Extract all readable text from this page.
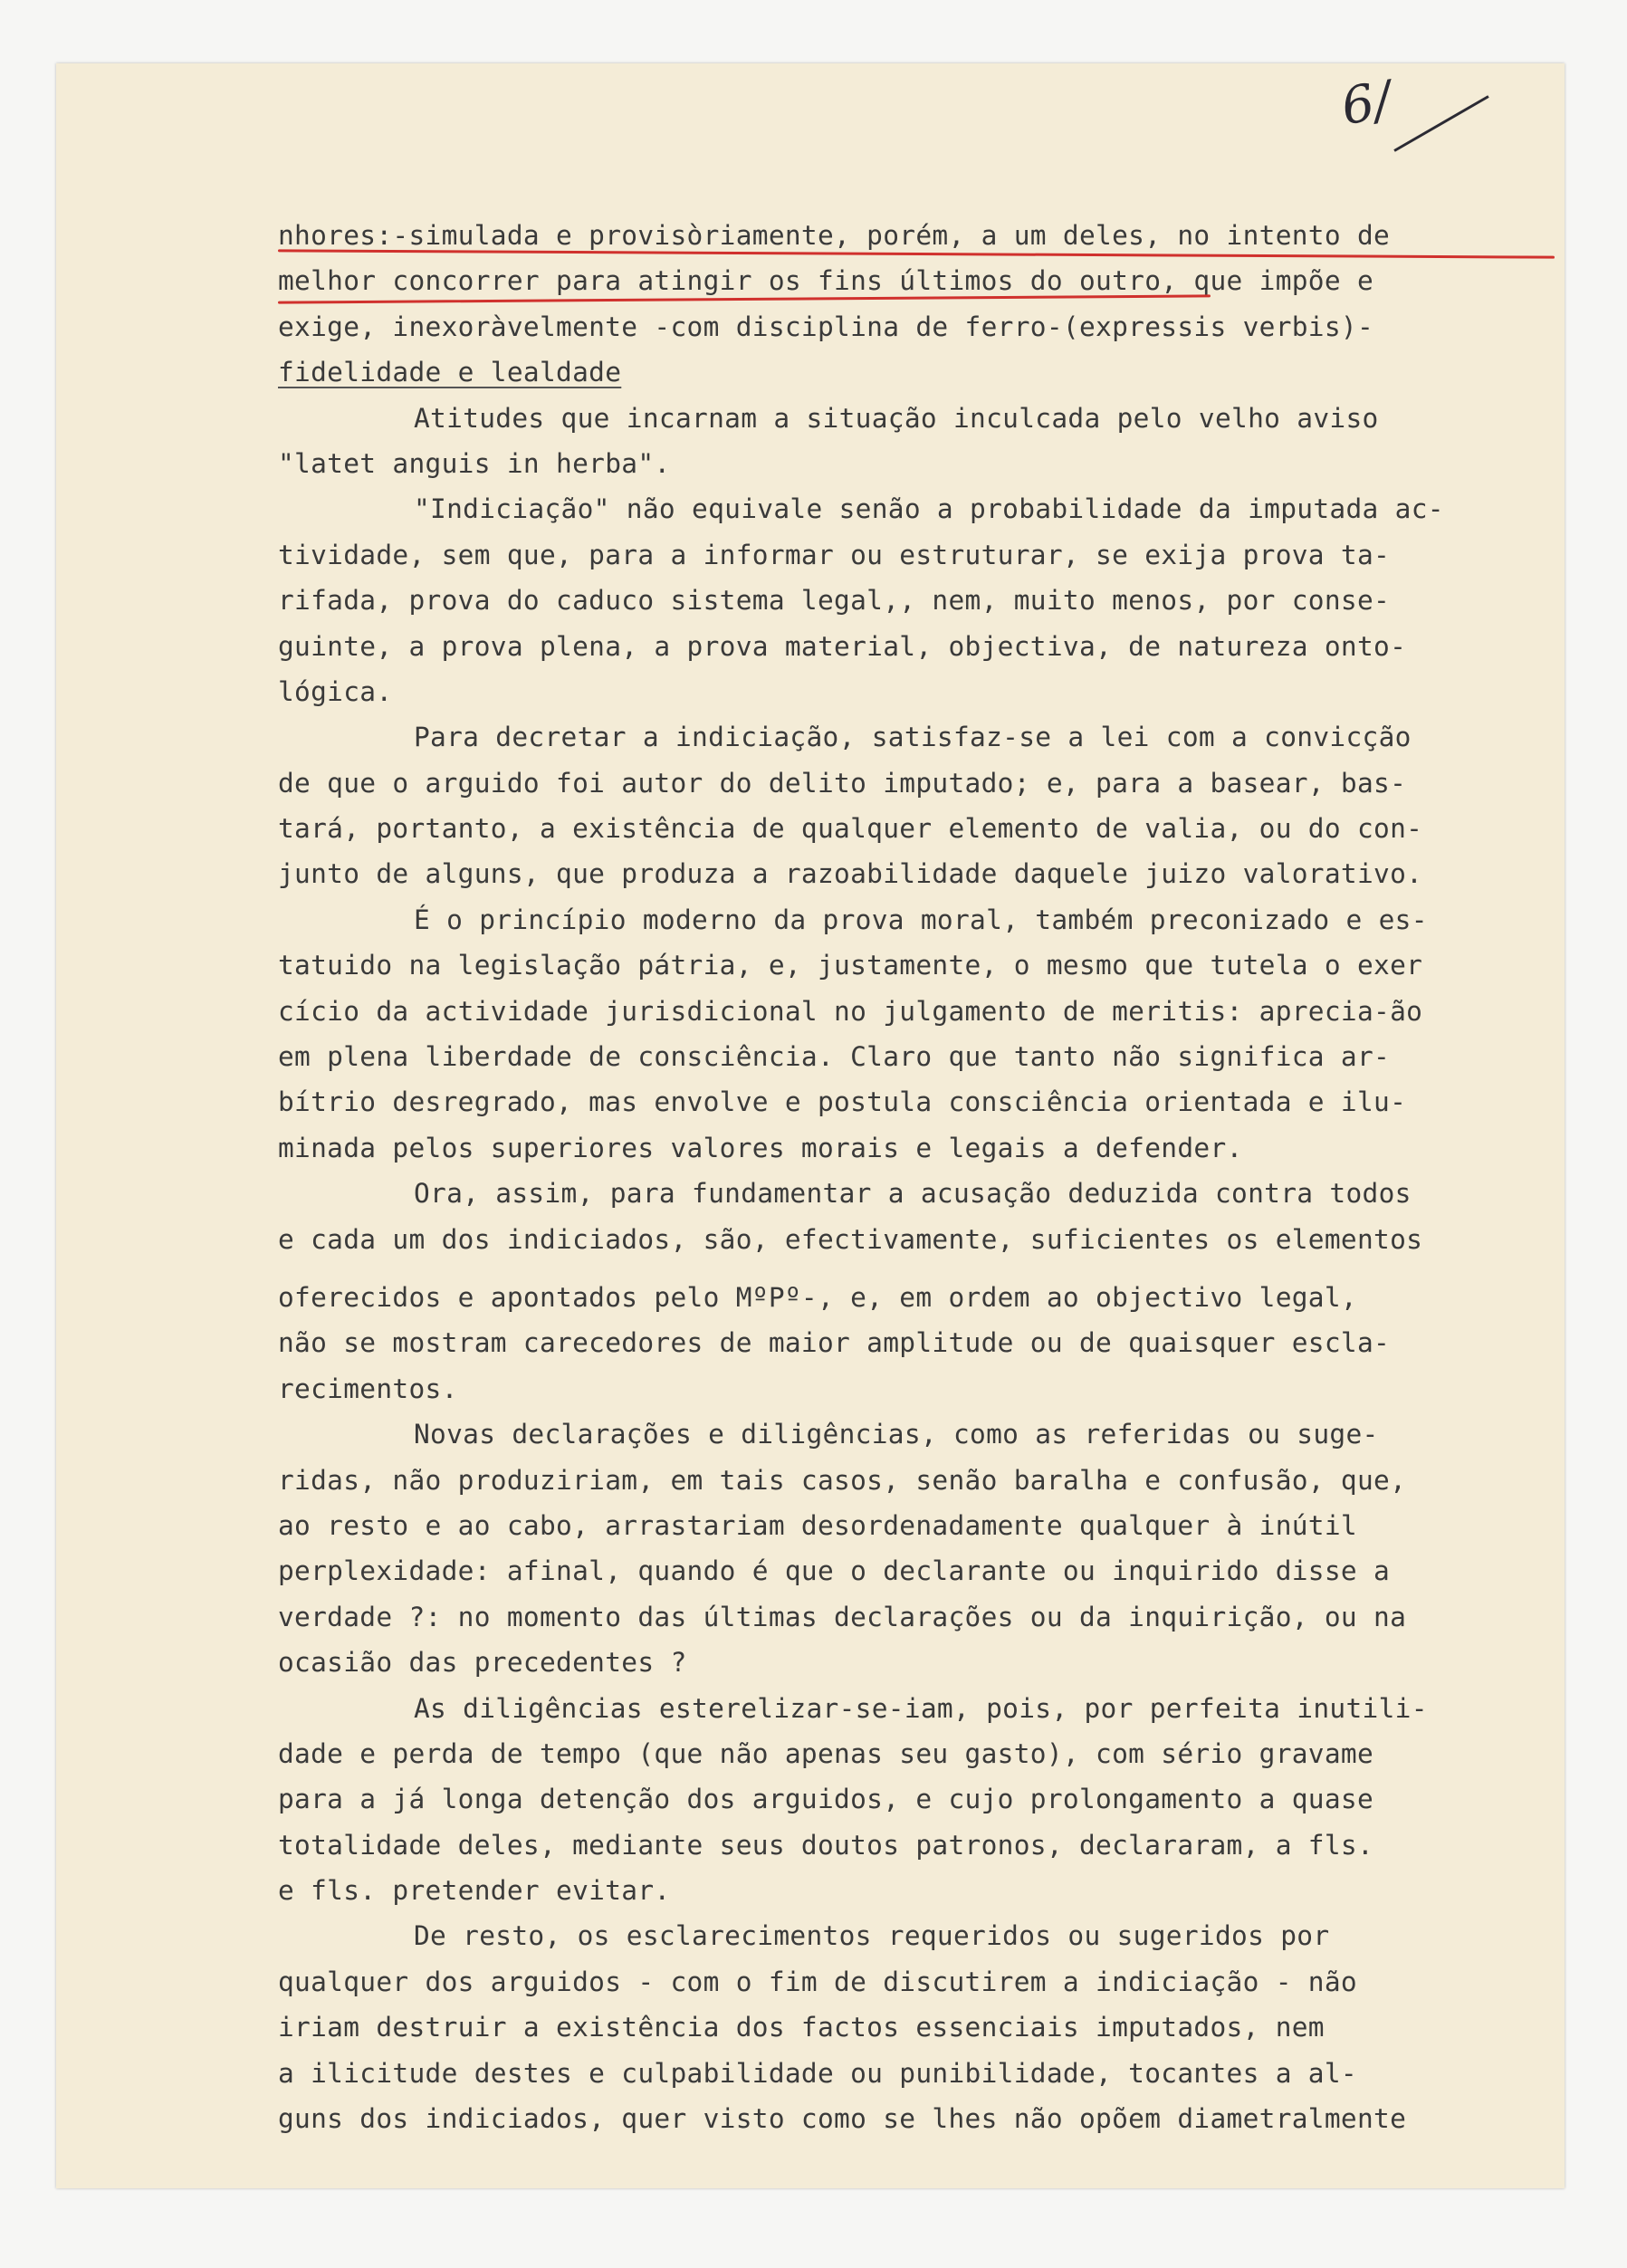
6/
nhores:-simulada e provisòriamente, porém, a um deles, no intento de
melhor concorrer para atingir os fins últimos do outro, que impõe e
exige, inexoràvelmente -com disciplina de ferro-(expressis verbis)-
fidelidade e lealdade
Atitudes que incarnam a situação inculcada pelo velho aviso
"latet anguis in herba".
"Indiciação" não equivale senão a probabilidade da imputada ac-
tividade, sem que, para a informar ou estruturar, se exija prova ta-
rifada, prova do caduco sistema legal,, nem, muito menos, por conse-
guinte, a prova plena, a prova material, objectiva, de natureza onto-
lógica.
Para decretar a indiciação, satisfaz-se a lei com a convicção
de que o arguido foi autor do delito imputado; e, para a basear, bas-
tará, portanto, a existência de qualquer elemento de valia, ou do con-
junto de alguns, que produza a razoabilidade daquele juizo valorativo.
É o princípio moderno da prova moral, também preconizado e es-
tatuido na legislação pátria, e, justamente, o mesmo que tutela o exer
cício da actividade jurisdicional no julgamento de meritis: aprecia-ão
em plena liberdade de consciência. Claro que tanto não significa ar-
bítrio desregrado, mas envolve e postula consciência orientada e ilu-
minada pelos superiores valores morais e legais a defender.
Ora, assim, para fundamentar a acusação deduzida contra todos
e cada um dos indiciados, são, efectivamente, suficientes os elementos
oferecidos e apontados pelo MºPº-, e, em ordem ao objectivo legal,
não se mostram carecedores de maior amplitude ou de quaisquer escla-
recimentos.
Novas declarações e diligências, como as referidas ou suge-
ridas, não produziriam, em tais casos, senão baralha e confusão, que,
ao resto e ao cabo, arrastariam desordenadamente qualquer à inútil
perplexidade: afinal, quando é que o declarante ou inquirido disse a
verdade ?: no momento das últimas declarações ou da inquirição, ou na
ocasião das precedentes ?
As diligências esterelizar-se-iam, pois, por perfeita inutili-
dade e perda de tempo (que não apenas seu gasto), com sério gravame
para a já longa detenção dos arguidos, e cujo prolongamento a quase
totalidade deles, mediante seus doutos patronos, declararam, a fls.
e fls. pretender evitar.
De resto, os esclarecimentos requeridos ou sugeridos por
qualquer dos arguidos - com o fim de discutirem a indiciação - não
iriam destruir a existência dos factos essenciais imputados, nem
a ilicitude destes e culpabilidade ou punibilidade, tocantes a al-
guns dos indiciados, quer visto como se lhes não opõem diametralmente
